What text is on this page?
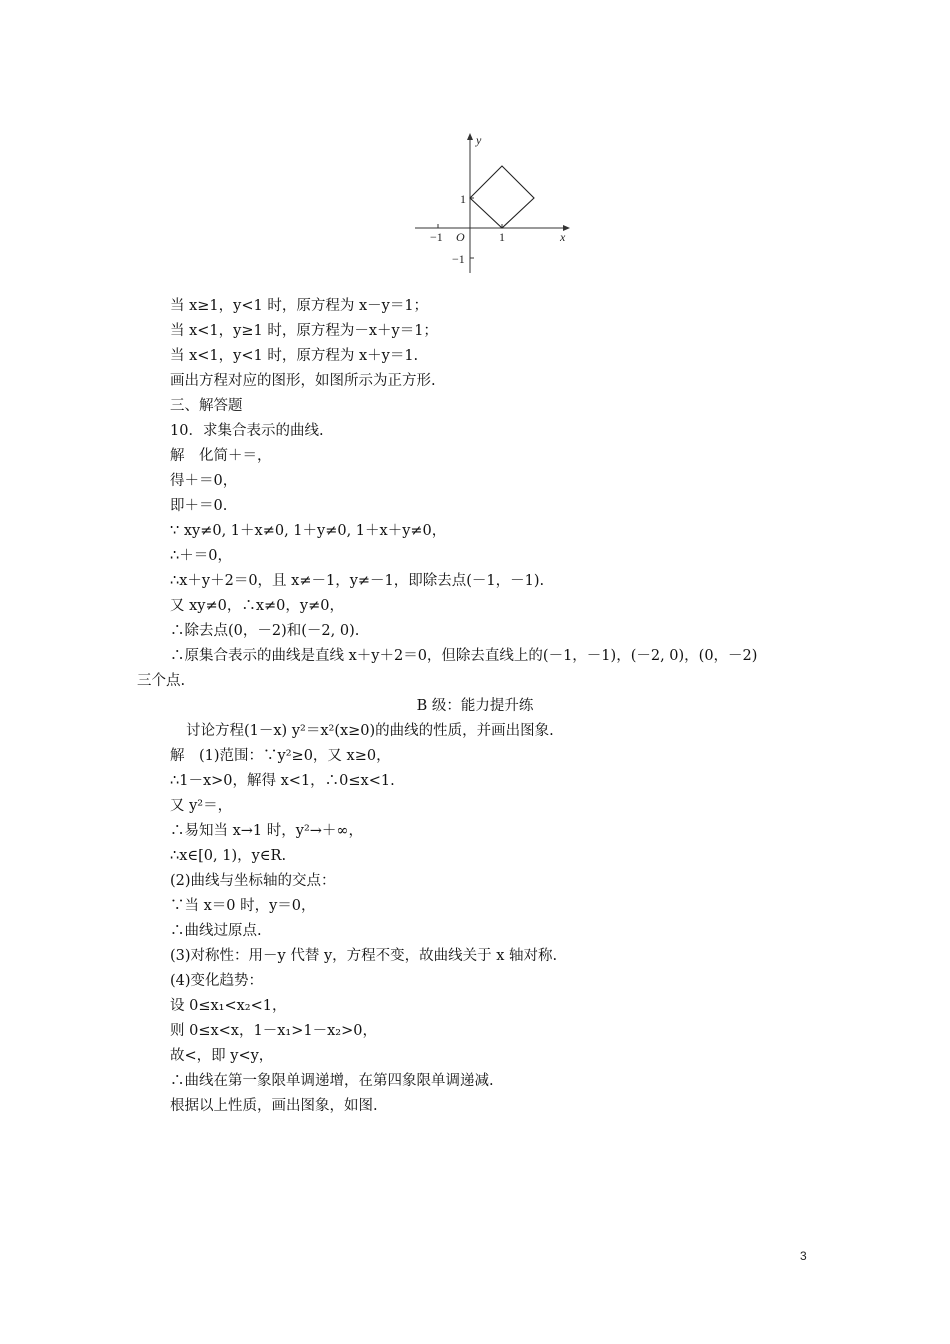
y
x
O
−1	1
1
−1
当 x≥1，y<1 时，原方程为 x－y＝1；
当 x<1，y≥1 时，原方程为－x＋y＝1；
当 x<1，y<1 时，原方程为 x＋y＝1.
画出方程对应的图形，如图所示为正方形.
三、解答题
10．求集合表示的曲线.
解　化简＋＝，
得＋＝0，
即＋＝0.
∵ xy≠0, 1＋x≠0, 1＋y≠0, 1＋x＋y≠0，
∴＋＝0，
∴x＋y＋2＝0，且 x≠－1，y≠－1，即除去点(－1，－1).
又 xy≠0，∴x≠0，y≠0，
∴除去点(0，－2)和(－2, 0).
∴原集合表示的曲线是直线 x＋y＋2＝0，但除去直线上的(－1，－1)，(－2, 0)，(0，－2)
三个点.
B 级：能力提升练
讨论方程(1－x) y²＝x²(x≥0)的曲线的性质，并画出图象.
解　(1)范围：∵y²≥0，又 x≥0，
∴1－x>0，解得 x<1，∴0≤x<1.
又 y²＝，
∴易知当 x→1 时，y²→＋∞，
∴x∈[0, 1)，y∈R.
(2)曲线与坐标轴的交点：
∵当 x＝0 时，y＝0，
∴曲线过原点.
(3)对称性：用－y 代替 y，方程不变，故曲线关于 x 轴对称.
(4)变化趋势：
设 0≤x₁<x₂<1，
则 0≤x<x，1－x₁>1－x₂>0，
故<，即 y<y，
∴曲线在第一象限单调递增，在第四象限单调递减.
根据以上性质，画出图象，如图.
3
